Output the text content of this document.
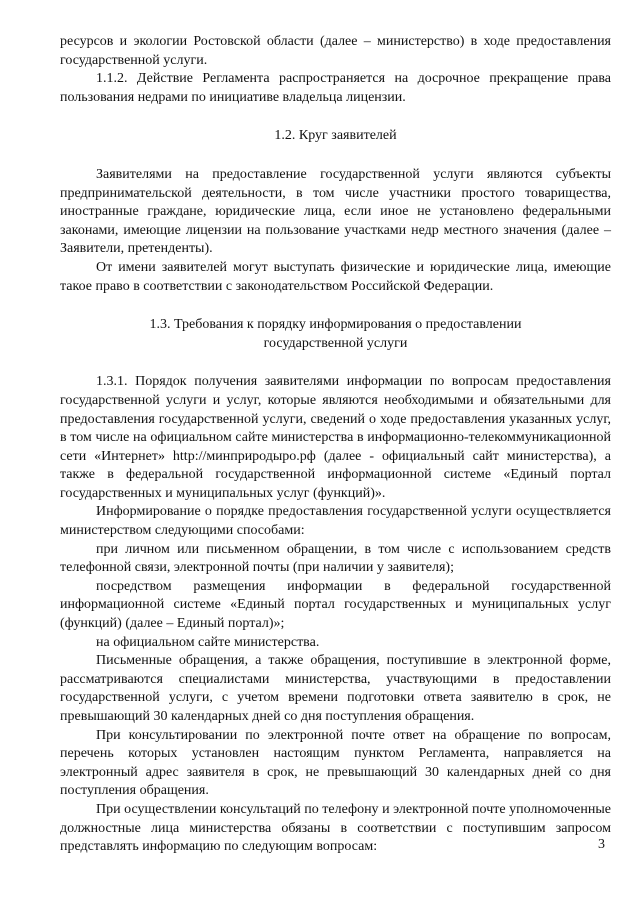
ресурсов и экологии Ростовской области (далее – министерство) в ходе предоставления государственной услуги.

1.1.2. Действие Регламента распространяется на досрочное прекращение права пользования недрами по инициативе владельца лицензии.

1.2. Круг заявителей

Заявителями на предоставление государственной услуги являются субъекты предпринимательской деятельности, в том числе участники простого товарищества, иностранные граждане, юридические лица, если иное не установлено федеральными законами, имеющие лицензии на пользование участками недр местного значения (далее – Заявители, претенденты).

От имени заявителей могут выступать физические и юридические лица, имеющие такое право в соответствии с законодательством Российской Федерации.

1.3. Требования к порядку информирования о предоставлении
государственной услуги

1.3.1. Порядок получения заявителями информации по вопросам предоставления государственной услуги и услуг, которые являются необходимыми и обязательными для предоставления государственной услуги, сведений о ходе предоставления указанных услуг, в том числе на официальном сайте министерства в информационно-телекоммуникационной сети «Интернет» http://минприродыро.рф (далее - официальный сайт министерства), а также в федеральной государственной информационной системе «Единый портал государственных и муниципальных услуг (функций)».

Информирование о порядке предоставления государственной услуги осуществляется министерством следующими способами:

при личном или письменном обращении, в том числе с использованием средств телефонной связи, электронной почты (при наличии у заявителя);

посредством размещения информации в федеральной государственной информационной системе «Единый портал государственных и муниципальных услуг (функций) (далее – Единый портал)»;

на официальном сайте министерства.

Письменные обращения, а также обращения, поступившие в электронной форме, рассматриваются специалистами министерства, участвующими в предоставлении государственной услуги, с учетом времени подготовки ответа заявителю в срок, не превышающий 30 календарных дней со дня поступления обращения.

При консультировании по электронной почте ответ на обращение по вопросам, перечень которых установлен настоящим пунктом Регламента, направляется на электронный адрес заявителя в срок, не превышающий 30 календарных дней со дня поступления обращения.

При осуществлении консультаций по телефону и электронной почте уполномоченные должностные лица министерства обязаны в соответствии с поступившим запросом представлять информацию по следующим вопросам:	3
